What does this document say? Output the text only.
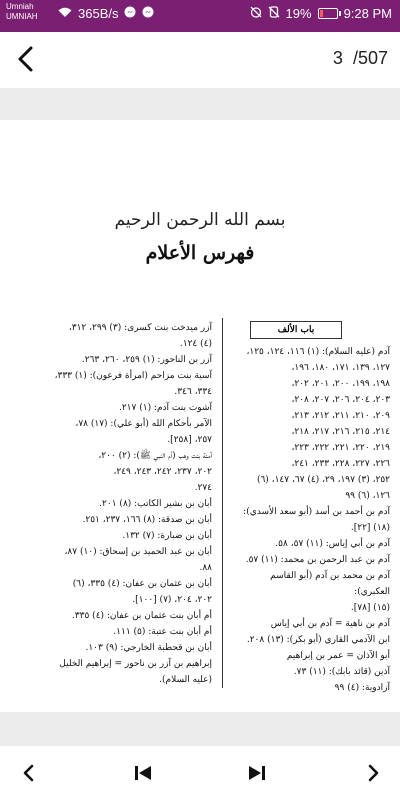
Umniah
UMNIAH	365B/s	19% 9:28 PM
3 /507
بسم الله الرحمن الرحيم
فهرس الأعلام
باب الألف

آدم (عليه السلام): (١) ١١٦، ١٢٤، ١٢٥،

١٢٧، ١٣٩، ١٧١، ١٨٠، ١٩٦،

١٩٨، ١٩٩، ٢٠٠، ٢٠١، ٢٠٢،

٢٠٣، ٢٠٤، ٢٠٦، ٢٠٧، ٢٠٨،

٢٠٩، ٢١٠، ٢١١، ٢١٢، ٢١٣،

٢١٤، ٢١٥، ٢١٦، ٢١٧، ٢١٨،

٢١٩، ٢٢٠، ٢٢١، ٢٢٢، ٢٢٣،

٢٢٦، ٢٢٧، ٢٢٨، ٢٣٣، ٢٤١،

٢٥٢، (٣) ١٩٧، ٢٩، (٤) ٦٧، ١٤٧، (٦)

١٢٦، (٦) ٩٩

آدم بن أحمد بن أسد (أبو سعد الأسدي):

(١٨) [٢٢].

آدم بن أبي إياس: (١١) ٥٧، ٥٨.

آدم بن عبد الرحمن بن محمد: (١١) ٥٧.

آدم بن محمد بن آدم (أبو القاسم العكبري):

(١٥) [٧٨].

آدم بن ناهية = آدم بن أبي إياس

ابن الآدمي القاري (أبو بكر): (١٣) ٢٠٨.

أبو الآذان = عمر بن إبراهيم

آذين (قائد بابك): (١١) ٧٣.

آزادوية: (٤) ٩٩

آزر ميدخت بنت كسرى: (٣) ٢٩٩، ٣١٢،

(٤) ١٢٤.

آزر بن الناحور: (١) ٢٥٩، ٢٦٠، ٢٦٣.

آسية بنت مزاحم (امرأة فرعون): (١) ٣٣٣،

٣٣٤، ٣٤٦.

آشوت بنت آدم: (١) ٢١٧.

الآمر بأحكام الله (أبو علي): (١٧) ٧٨،

٢٥٧، [٢٥٨].

آمنة بنت وهب (أم النبي ﷺ): (٢) ٢٠٠،

٢٠٢، ٢٣٧، ٢٤٢، ٢٤٣، ٢٤٩،

٢٧٤.

أبان بن بشير الكاتب: (٨) ٢٠١.

أبان بن صدقة: (٨) ١٦٦، ٢٣٧، ٢٥١.

أبان بن ضبارة: (٧) ١٣٢.

أبان بن عبد الحميد بن إسحاق: (١٠) ٨٧،

٨٨.

أبان بن عثمان بن عفان: (٤) ٣٣٥، (٦)

٢٠٢، ٢٠٤، (٧) [١٠٠].

أم أبان بنت عثمان بن عفان: (٤) ٣٣٥.

أم أبان بنت عتبة: (٥) ١١١.

أبان بن قحطبة الخارجي: (٩) ١٠٣.

إبراهيم بن آزر بن ناحور = إبراهيم الخليل

(عليه السلام).
